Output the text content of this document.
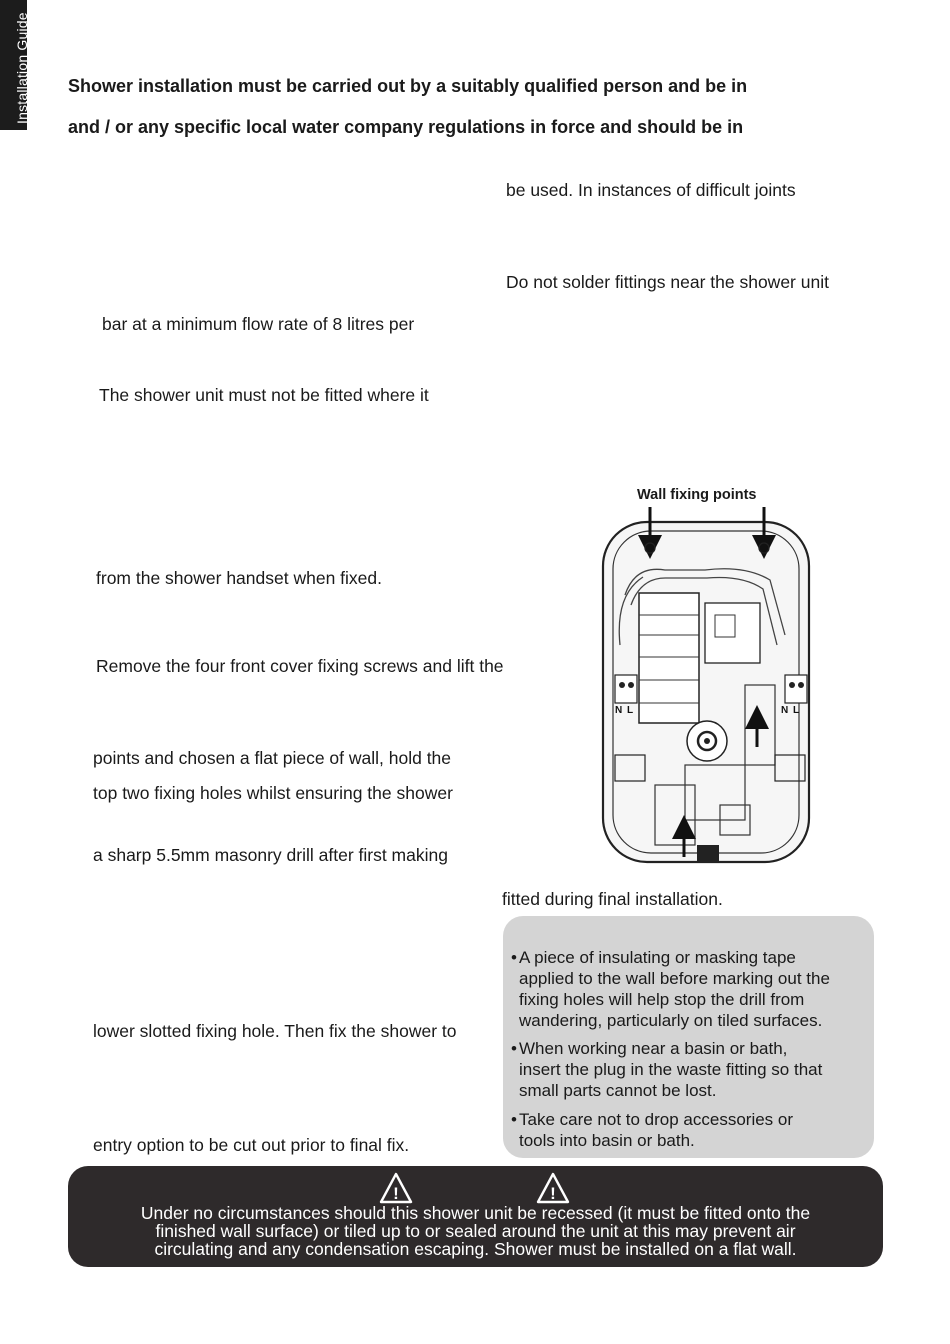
Installation Guide Shower installation must be carried out by a suitably qualified person and be in
and / or any specific local water company regulations in force and should be in
be used. In instances of difficult joints
Do not solder fittings near the shower unit
bar at a minimum flow rate of 8 litres per
The shower unit must not be fitted where it
from the shower handset when fixed.
Remove the four front cover fixing screws and lift the
points and chosen a flat piece of wall, hold the
top two fixing holes whilst ensuring the shower
a sharp 5.5mm masonry drill after first making
lower slotted fixing hole. Then fix the shower to
entry option to be cut out prior to final fix.
Wall fixing points
N L	N L
fitted during final installation.
• A piece of insulating or masking tape
applied to the wall before marking out the
fixing holes will help stop the drill from
wandering, particularly on tiled surfaces.
• When working near a basin or bath,
insert the plug in the waste fitting so that
small parts cannot be lost.
• Take care not to drop accessories or
tools into basin or bath.
!	!
Under no circumstances should this shower unit be recessed (it must be fitted onto the
finished wall surface) or tiled up to or sealed around the unit at this may prevent air
circulating and any condensation escaping. Shower must be installed on a flat wall.
